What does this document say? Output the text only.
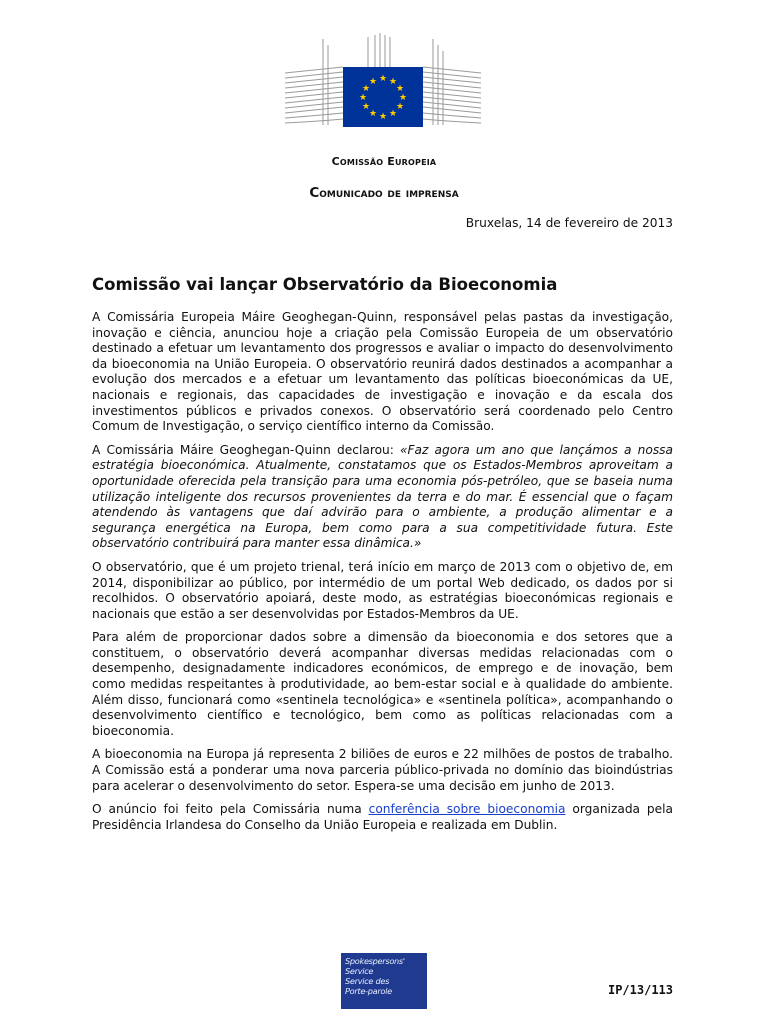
★ ★
★
★
★
★
★
★
★
★
★
★
Comissão Europeia
Comunicado de imprensa
Bruxelas, 14 de fevereiro de 2013
Comissão vai lançar Observatório da Bioeconomia

A Comissária Europeia Máire Geoghegan-Quinn, responsável pelas pastas da investigação, inovação e ciência, anunciou hoje a criação pela Comissão Europeia de um observatório destinado a efetuar um levantamento dos progressos e avaliar o impacto do desenvolvimento da bioeconomia na União Europeia. O observatório reunirá dados destinados a acompanhar a evolução dos mercados e a efetuar um levantamento das políticas bioeconómicas da UE, nacionais e regionais, das capacidades de investigação e inovação e da escala dos investimentos públicos e privados conexos. O observatório será coordenado pelo Centro Comum de Investigação, o serviço científico interno da Comissão.

A Comissária Máire Geoghegan-Quinn declarou: «Faz agora um ano que lançámos a nossa estratégia bioeconómica. Atualmente, constatamos que os Estados-Membros aproveitam a oportunidade oferecida pela transição para uma economia pós-petróleo, que se baseia numa utilização inteligente dos recursos provenientes da terra e do mar. É essencial que o façam atendendo às vantagens que daí advirão para o ambiente, a produção alimentar e a segurança energética na Europa, bem como para a sua competitividade futura. Este observatório contribuirá para manter essa dinâmica.»

O observatório, que é um projeto trienal, terá início em março de 2013 com o objetivo de, em 2014, disponibilizar ao público, por intermédio de um portal Web dedicado, os dados por si recolhidos. O observatório apoiará, deste modo, as estratégias bioeconómicas regionais e nacionais que estão a ser desenvolvidas por Estados-Membros da UE.

Para além de proporcionar dados sobre a dimensão da bioeconomia e dos setores que a constituem, o observatório deverá acompanhar diversas medidas relacionadas com o desempenho, designadamente indicadores económicos, de emprego e de inovação, bem como medidas respeitantes à produtividade, ao bem-estar social e à qualidade do ambiente. Além disso, funcionará como «sentinela tecnológica» e «sentinela política», acompanhando o desenvolvimento científico e tecnológico, bem como as políticas relacionadas com a bioeconomia.

A bioeconomia na Europa já representa 2 biliões de euros e 22 milhões de postos de trabalho. A Comissão está a ponderar uma nova parceria público-privada no domínio das bioindústrias para acelerar o desenvolvimento do setor. Espera-se uma decisão em junho de 2013.

O anúncio foi feito pela Comissária numa conferência sobre bioeconomia organizada pela Presidência Irlandesa do Conselho da União Europeia e realizada em Dublin.

Spokespersons'
Service
Service des
Porte-parole	IP/13/113
